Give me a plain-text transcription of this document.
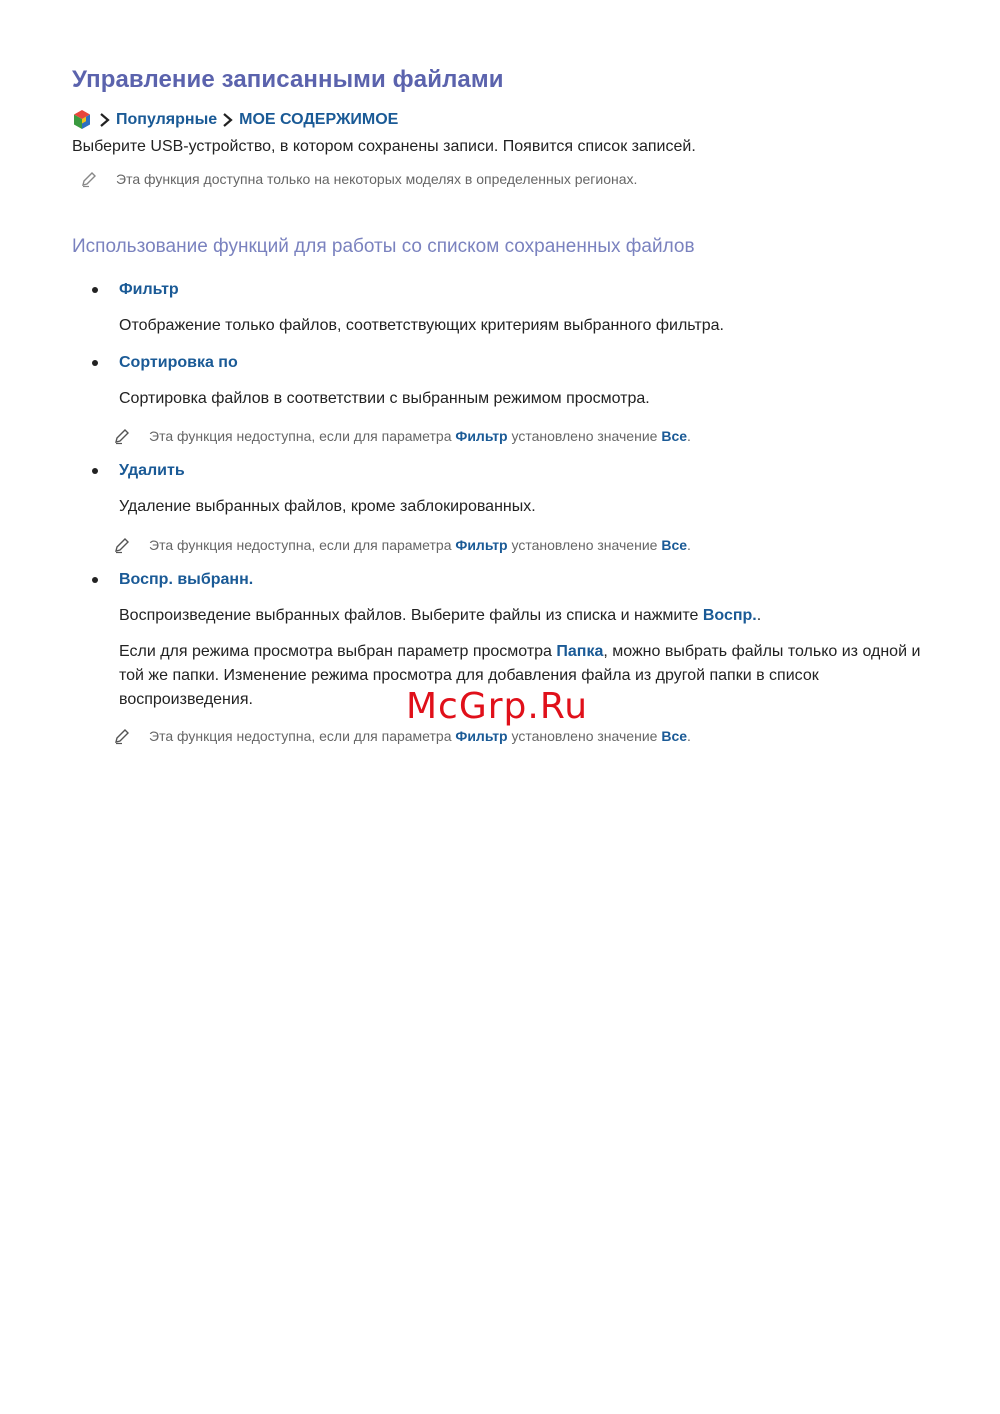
Управление записанными файлами
Популярные МОЕ СОДЕРЖИМОЕ

Выберите USB-устройство, в котором сохранены записи. Появится список записей.

Эта функция доступна только на некоторых моделях в определенных регионах.

Использование функций для работы со списком сохраненных файлов

Фильтр

Отображение только файлов, соответствующих критериям выбранного фильтра.

Сортировка по

Сортировка файлов в соответствии с выбранным режимом просмотра.

Эта функция недоступна, если для параметра Фильтр установлено значение Все.

Удалить

Удаление выбранных файлов, кроме заблокированных.

Эта функция недоступна, если для параметра Фильтр установлено значение Все.

Воспр. выбранн.

Воспроизведение выбранных файлов. Выберите файлы из списка и нажмите Воспр..

Если для режима просмотра выбран параметр просмотра Папка, можно выбрать файлы только из одной и той же папки. Изменение режима просмотра для добавления файла из другой папки в список воспроизведения.

Эта функция недоступна, если для параметра Фильтр установлено значение Все.

McGrp.Ru
